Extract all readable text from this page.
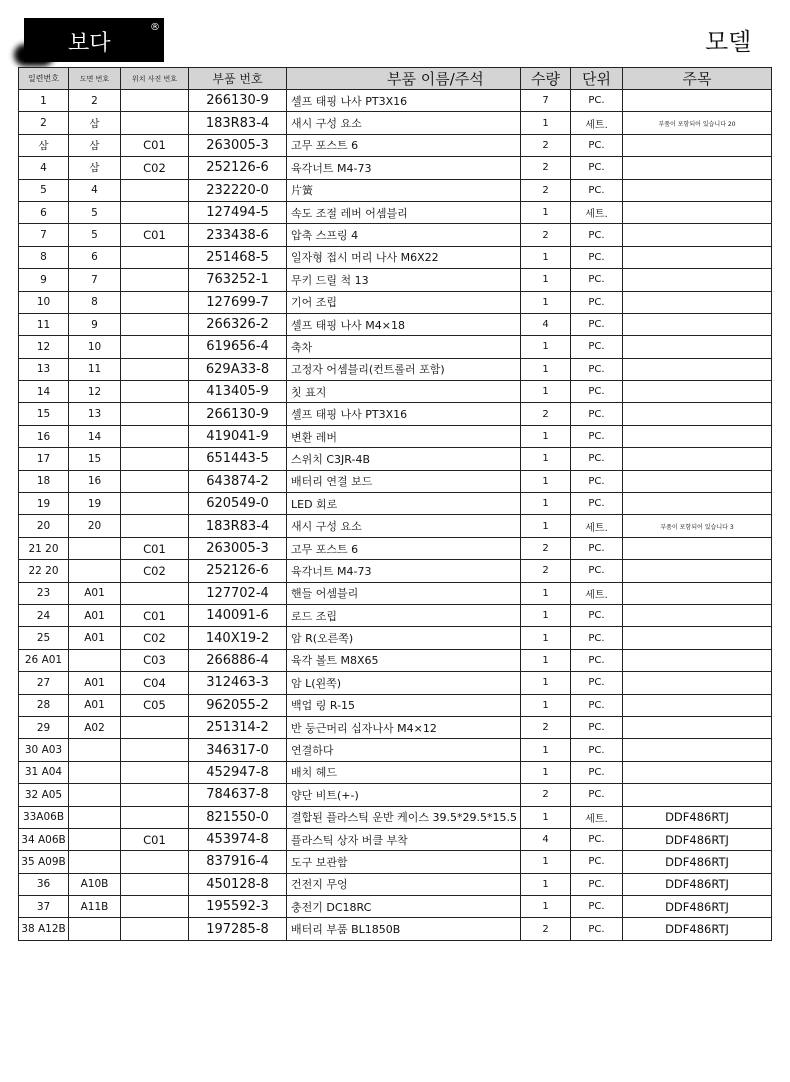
보다
®
모델
일련번호	도면 번호	위치 사진 번호	부품 번호	부품 이름/주석	수량	단위	주목
1	2		266130-9	셀프 태핑 나사 PT3X16	7	PC.	
2	삼		183R83-4	새시 구성 요소	1	세트.	부품이 포함되어 있습니다 20
삼	삼	C01	263005-3	고무 포스트 6	2	PC.	
4	삼	C02	252126-6	육각너트 M4-73	2	PC.	
5	4		232220-0	片簧	2	PC.	
6	5		127494-5	속도 조절 레버 어셈블리	1	세트.	
7	5	C01	233438-6	압축 스프링 4	2	PC.	
8	6		251468-5	일자형 접시 머리 나사 M6X22	1	PC.	
9	7		763252-1	무키 드릴 척 13	1	PC.	
10	8		127699-7	기어 조립	1	PC.	
11	9		266326-2	셀프 태핑 나사 M4×18	4	PC.	
12	10		619656-4	축차	1	PC.	
13	11		629A33-8	고정자 어셈블리(컨트롤러 포함)	1	PC.	
14	12		413405-9	칫 표지	1	PC.	
15	13		266130-9	셀프 태핑 나사 PT3X16	2	PC.	
16	14		419041-9	변환 레버	1	PC.	
17	15		651443-5	스위치 C3JR-4B	1	PC.	
18	16		643874-2	배터리 연결 보드	1	PC.	
19	19		620549-0	LED 회로	1	PC.	
20	20		183R83-4	새시 구성 요소	1	세트.	부품이 포함되어 있습니다 3
21 20		C01	263005-3	고무 포스트 6	2	PC.	
22 20		C02	252126-6	육각너트 M4-73	2	PC.	
23	A01		127702-4	핸들 어셈블리	1	세트.	
24	A01	C01	140091-6	로드 조립	1	PC.	
25	A01	C02	140X19-2	암 R(오른쪽)	1	PC.	
26 A01		C03	266886-4	육각 볼트 M8X65	1	PC.	
27	A01	C04	312463-3	암 L(왼쪽)	1	PC.	
28	A01	C05	962055-2	백업 링 R-15	1	PC.	
29	A02		251314-2	반 둥근머리 십자나사 M4×12	2	PC.	
30 A03			346317-0	연결하다	1	PC.	
31 A04			452947-8	배치 헤드	1	PC.	
32 A05			784637-8	양단 비트(+-)	2	PC.	
33A06B			821550-0	결합된 플라스틱 운반 케이스 39.5*29.5*15.5	1	세트.	DDF486RTJ
34 A06B		C01	453974-8	플라스틱 상자 버클 부착	4	PC.	DDF486RTJ
35 A09B			837916-4	도구 보관함	1	PC.	DDF486RTJ
36	A10B		450128-8	건전지 무엉	1	PC.	DDF486RTJ
37	A11B		195592-3	충전기 DC18RC	1	PC.	DDF486RTJ
38 A12B			197285-8	배터리 부품 BL1850B	2	PC.	DDF486RTJ
